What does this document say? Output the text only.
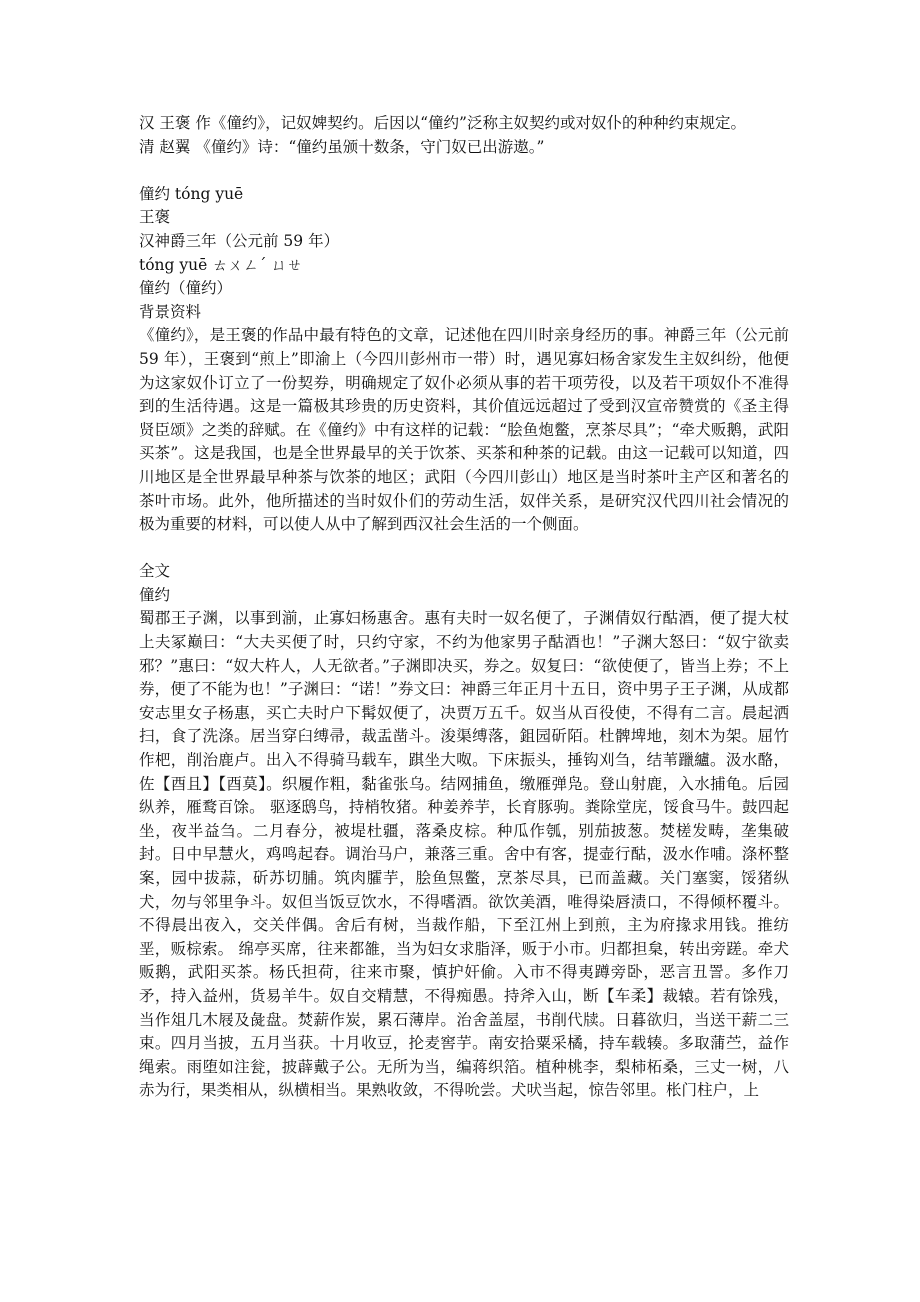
汉 王褒 作《僮约》，记奴婢契约。后因以“僮约”泛称主奴契约或对奴仆的种种约束规定。

清 赵翼 《僮约》诗：“僮约虽颁十数条，守门奴已出游遨。”

僮约 tóng yuē

王褒

汉神爵三年（公元前 59 年）

tóng yuē ㄊㄨㄥˊ ㄩㄝ

僮约（僮约）

背景资料

《僮约》，是王褒的作品中最有特色的文章，记述他在四川时亲身经历的事。神爵三年（公元前 59 年），王褒到“煎上”即渝上（今四川彭州市一带）时，遇见寡妇杨舍家发生主奴纠纷，他便为这家奴仆订立了一份契券，明确规定了奴仆必须从事的若干项劳役，以及若干项奴仆不准得到的生活待遇。这是一篇极其珍贵的历史资料，其价值远远超过了受到汉宣帝赞赏的《圣主得贤臣颂》之类的辞赋。在《僮约》中有这样的记载：“脍鱼炮鳖，烹茶尽具”；“牵犬贩鹅，武阳买茶”。这是我国，也是全世界最早的关于饮茶、买茶和种茶的记载。由这一记载可以知道，四川地区是全世界最早种茶与饮茶的地区；武阳（今四川彭山）地区是当时茶叶主产区和著名的茶叶市场。此外，他所描述的当时奴仆们的劳动生活，奴伴关系，是研究汉代四川社会情况的极为重要的材料，可以使人从中了解到西汉社会生活的一个侧面。

全文

僮约

蜀郡王子渊，以事到湔，止寡妇杨惠舍。惠有夫时一奴名便了，子渊倩奴行酤酒，便了提大杖上夫冢巅曰：“大夫买便了时，只约守家，不约为他家男子酤酒也！”子渊大怒曰：“奴宁欲卖邪？”惠曰：“奴大杵人，人无欲者。”子渊即决买，券之。奴复曰：“欲使便了，皆当上券；不上券，便了不能为也！”子渊曰：“诺！”券文曰：神爵三年正月十五日，资中男子王子渊，从成都安志里女子杨惠，买亡夫时户下髯奴便了，决贾万五千。奴当从百役使，不得有二言。晨起洒扫，食了洗涤。居当穿臼缚帚，裁盂凿斗。浚渠缚落，鉏园斫陌。杜髀埤地，刻木为架。屈竹作杷，削治鹿卢。出入不得骑马载车，踑坐大呶。下床振头，捶钩刈刍，结苇躐纑。汲水酪，佐【酉且】【酉莫】。织履作粗，黏雀张乌。结网捕鱼，缴雁弹凫。登山射鹿，入水捕龟。后园纵养，雁鹜百馀。 驱逐鸱鸟，持梢牧猪。种姜养芋，长育豚驹。粪除堂庑，馁食马牛。鼓四起坐，夜半益刍。二月春分，被堤杜疆，落桑皮棕。种瓜作瓠，别茄披葱。焚槎发畴，垄集破封。日中早慧火，鸡鸣起舂。调治马户，兼落三重。舍中有客，提壶行酤，汲水作哺。涤杯整案，园中拔蒜，斫苏切脯。筑肉臛芋，脍鱼炰鳖，烹茶尽具，已而盖藏。关门塞窦，馁猪纵犬，勿与邻里争斗。奴但当饭豆饮水，不得嗜酒。欲饮美酒，唯得染唇渍口，不得倾杯覆斗。不得晨出夜入，交关伴偶。舍后有树，当裁作船，下至江州上到煎，主为府掾求用钱。推纺垩，贩棕索。 绵亭买席，往来都雒，当为妇女求脂泽，贩于小市。归都担枲，转出旁蹉。牵犬贩鹅，武阳买茶。杨氏担荷，往来市聚，慎护奸偷。入市不得夷蹲旁卧，恶言丑詈。多作刀矛，持入益州，货易羊牛。奴自交精慧，不得痴愚。持斧入山，断【车柔】裁辕。若有馀残，当作俎几木屐及彘盘。焚薪作炭，累石薄岸。治舍盖屋，书削代牍。日暮欲归，当送干薪二三束。四月当披，五月当获。十月收豆，抡麦窖芋。南安拾粟采橘，持车载辏。多取蒲苎，益作绳索。雨堕如注瓮，披薜戴子公。无所为当，编蒋织箔。植种桃李，梨柿柘桑，三丈一树，八赤为行，果类相从，纵横相当。果熟收敛，不得吮尝。犬吠当起，惊告邻里。枨门柱户，上
